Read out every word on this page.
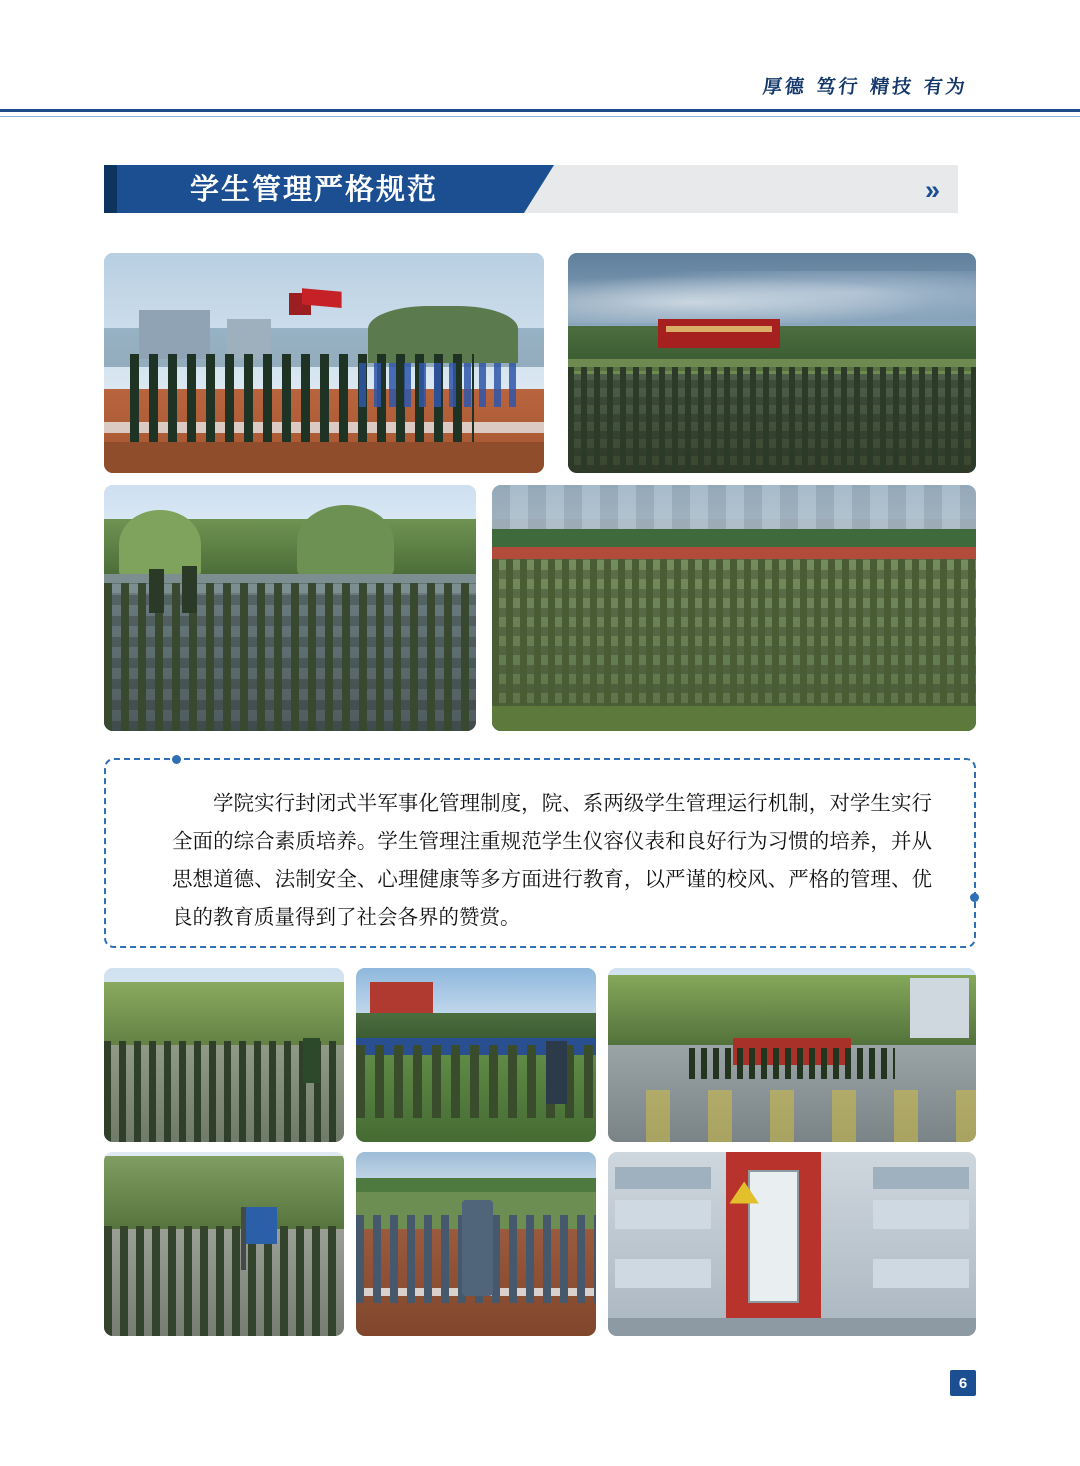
厚德 笃行 精技 有为
学生管理严格规范	»
学院实行封闭式半军事化管理制度，院、系两级学生管理运行机制，对学生实行全面的综合素质培养。学生管理注重规范学生仪容仪表和良好行为习惯的培养，并从思想道德、法制安全、心理健康等多方面进行教育，以严谨的校风、严格的管理、优良的教育质量得到了社会各界的赞赏。
6
